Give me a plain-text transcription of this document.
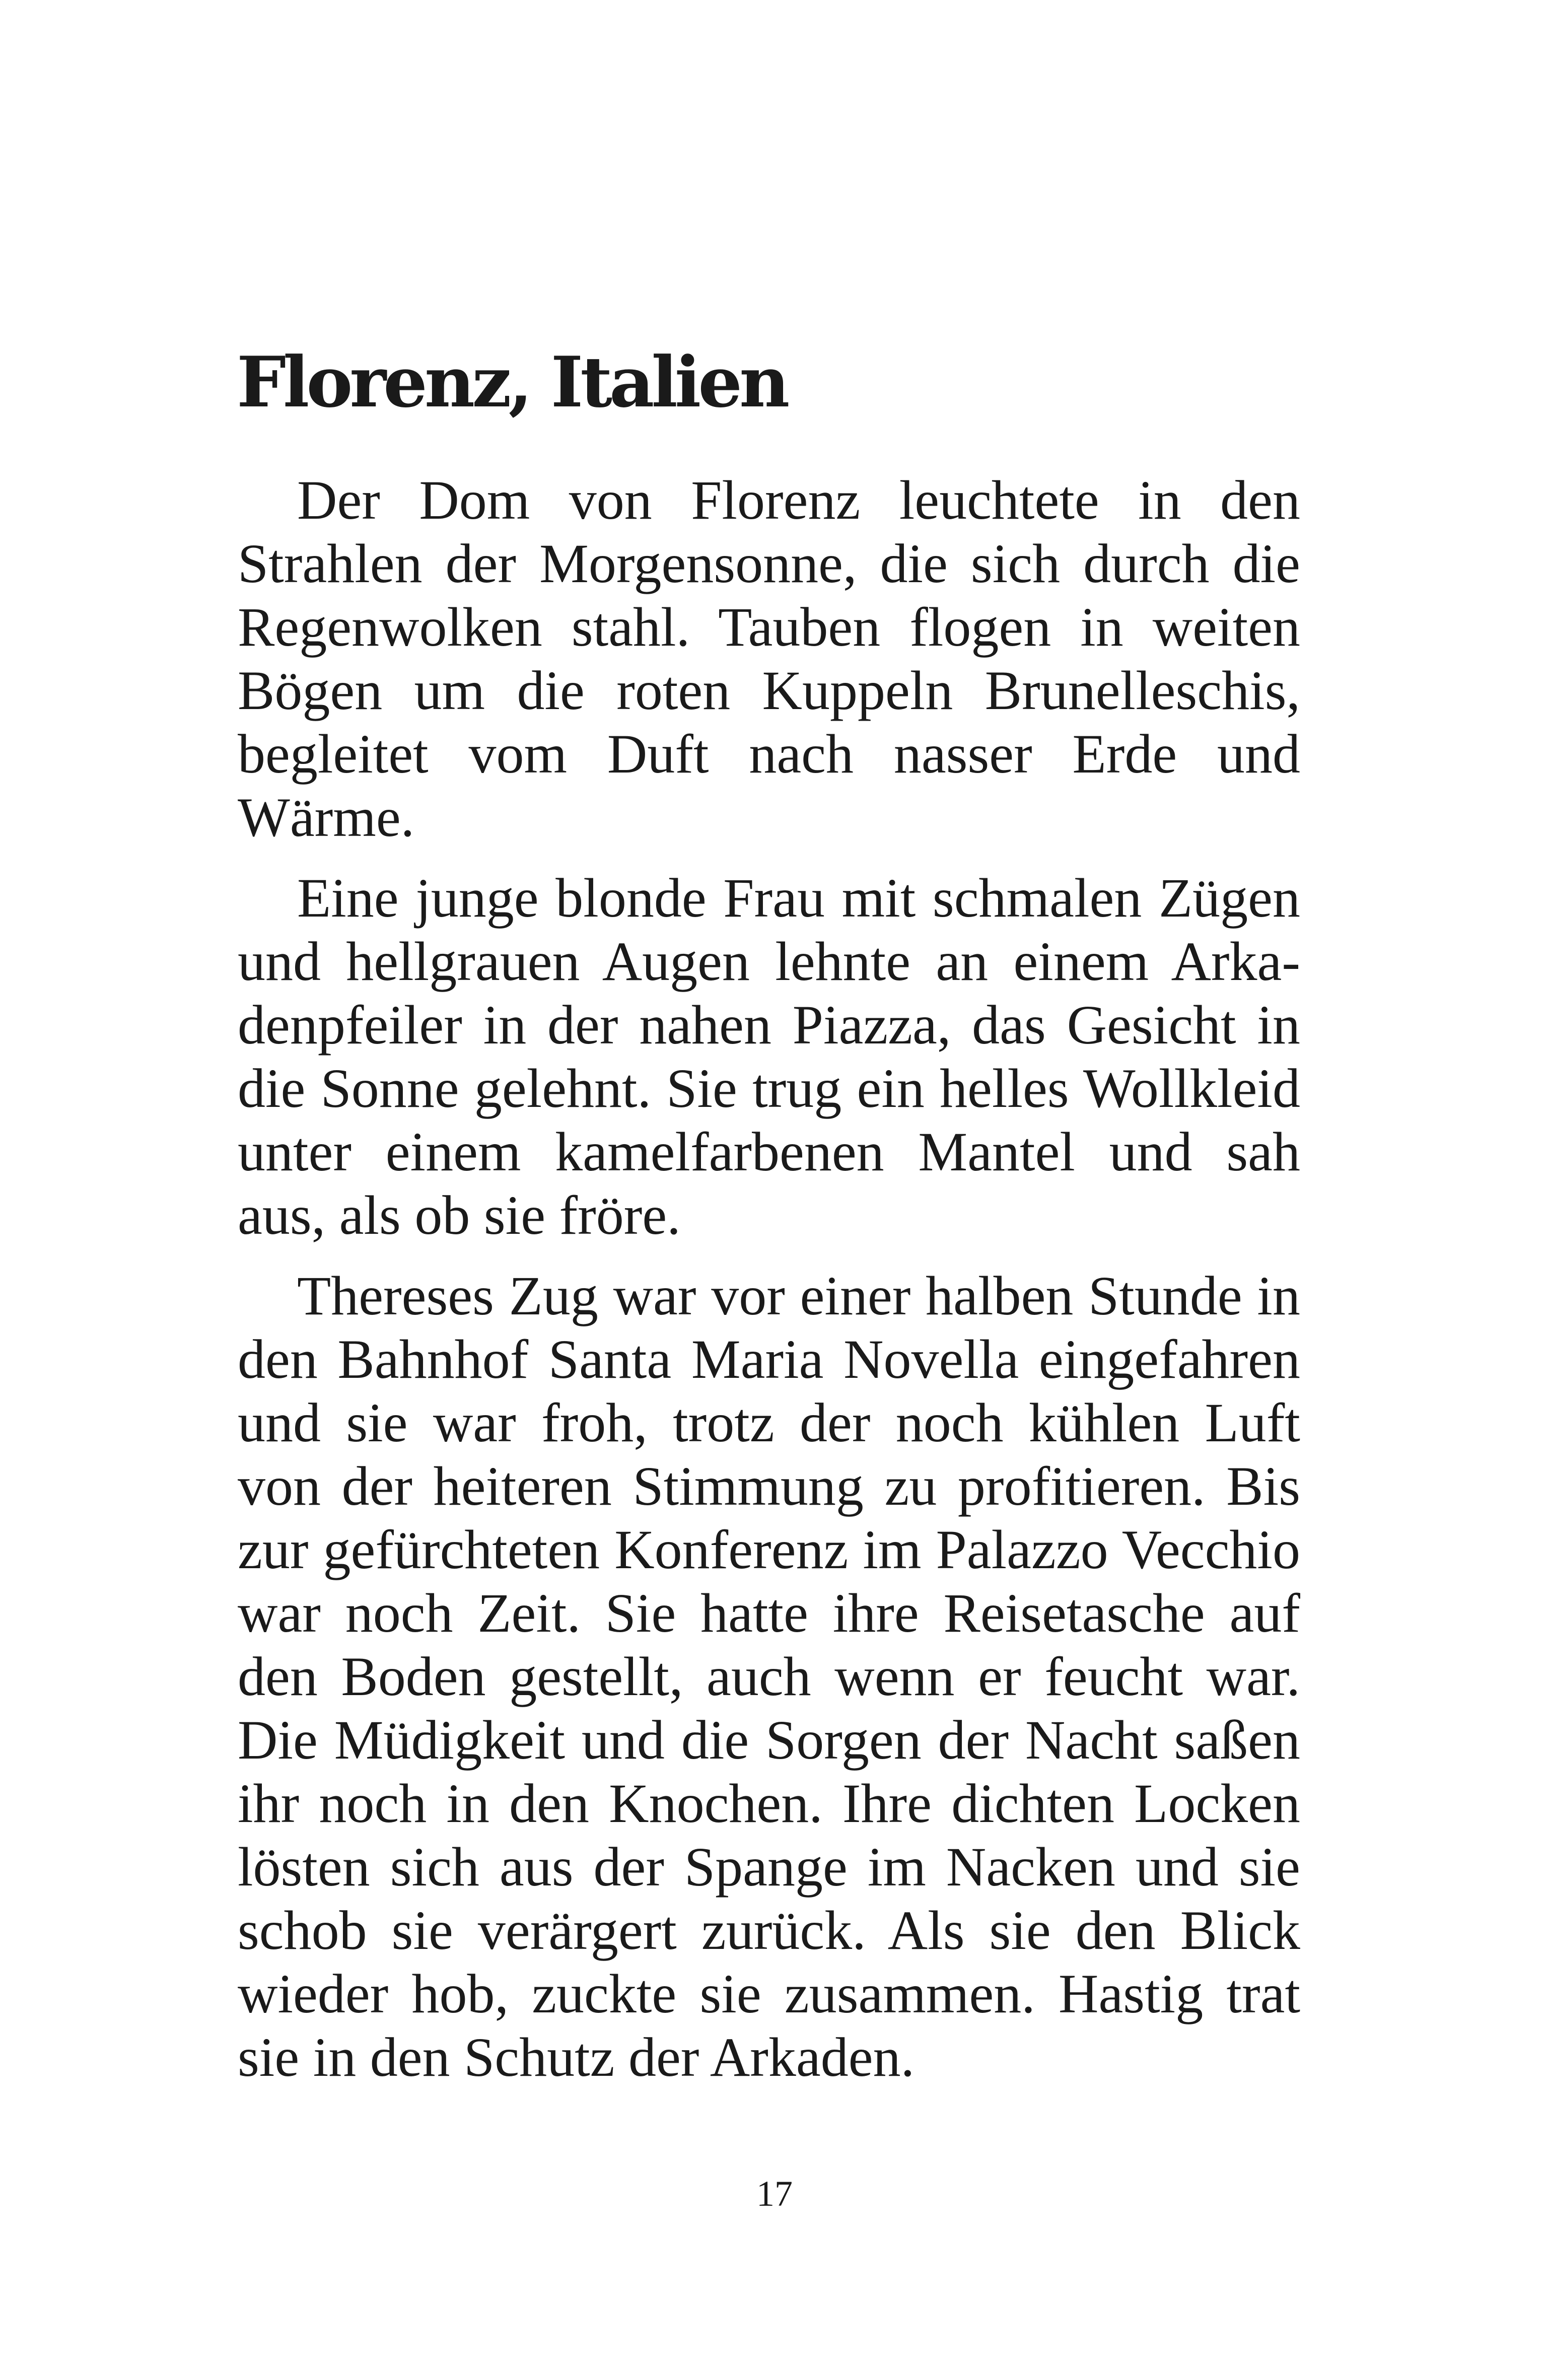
Florenz, Italien

Der Dom von Florenz leuchtete in den Strahlen der Morgensonne, die sich durch die Regenwolken stahl. Tauben flogen in weiten Bögen um die roten Kuppeln Brunelleschis, begleitet vom Duft nach nasser Erde und Wärme.

Eine junge blonde Frau mit schmalen Zügen und hellgrauen Augen lehnte an einem Arkadenpfeiler in der nahen Piazza, das Gesicht in die Sonne gelehnt. Sie trug ein helles Wollkleid unter einem kamelfarbenen Mantel und sah aus, als ob sie fröre.

Thereses Zug war vor einer halben Stunde in den Bahnhof Santa Maria Novella eingefahren und sie war froh, trotz der noch kühlen Luft von der heiteren Stimmung zu profitieren. Bis zur gefürchteten Konferenz im Palazzo Vecchio war noch Zeit. Sie hatte ihre Reisetasche auf den Boden gestellt, auch wenn er feucht war. Die Müdigkeit und die Sorgen der Nacht saßen ihr noch in den Knochen. Ihre dichten Locken lösten sich aus der Spange im Nacken und sie schob sie verärgert zurück. Als sie den Blick wieder hob, zuckte sie zusammen. Hastig trat sie in den Schutz der Arkaden.

17
